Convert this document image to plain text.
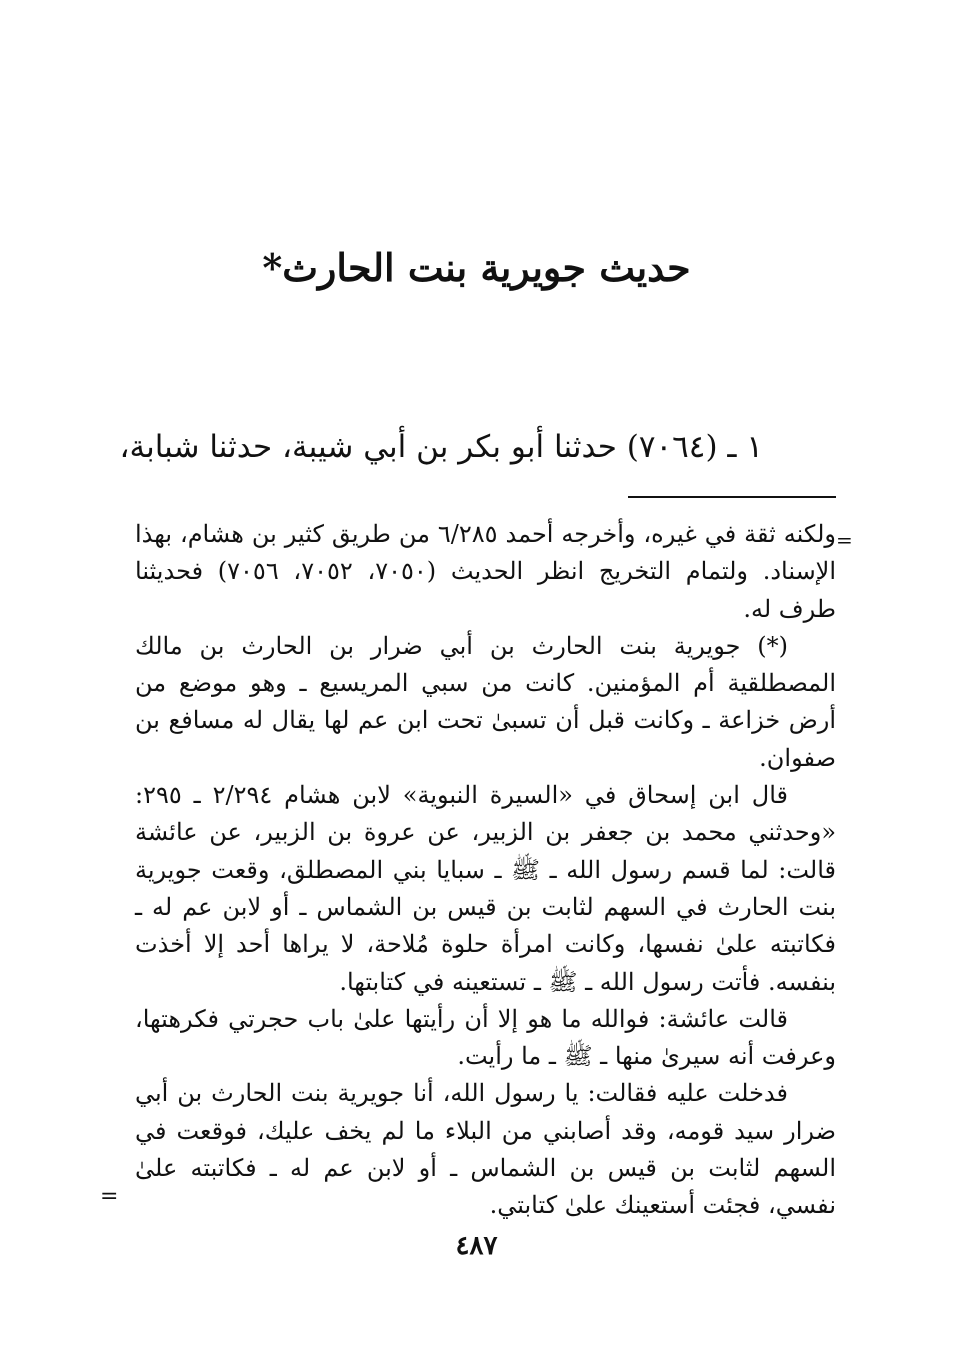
حديث جويرية بنت الحارث*
١ ـ (٧٠٦٤) حدثنا أبو بكر بن أبي شيبة، حدثنا شبابة،
=

ولكنه ثقة في غيره، وأخرجه أحمد ٦/٢٨٥ من طريق كثير بن هشام، بهذا الإسناد. ولتمام التخريج انظر الحديث (٧٠٥٠، ٧٠٥٢، ٧٠٥٦) فحديثنا طرف له.

(*) جويرية بنت الحارث بن أبي ضرار بن الحارث بن مالك المصطلقية أم المؤمنين. كانت من سبي المريسيع ـ وهو موضع من أرض خزاعة ـ وكانت قبل أن تسبىٰ تحت ابن عم لها يقال له مسافع بن صفوان.

قال ابن إسحاق في «السيرة النبوية» لابن هشام ٢/٢٩٤ ـ ٢٩٥: «وحدثني محمد بن جعفر بن الزبير، عن عروة بن الزبير، عن عائشة قالت: لما قسم رسول الله ـ ﷺ ـ سبايا بني المصطلق، وقعت جويرية بنت الحارث في السهم لثابت بن قيس بن الشماس ـ أو لابن عم له ـ فكاتبته علىٰ نفسها، وكانت امرأة حلوة مُلاحة، لا يراها أحد إلا أخذت بنفسه. فأتت رسول الله ـ ﷺ ـ تستعينه في كتابتها.

قالت عائشة: فوالله ما هو إلا أن رأيتها علىٰ باب حجرتي فكرهتها، وعرفت أنه سيرىٰ منها ـ ﷺ ـ ما رأيت.

فدخلت عليه فقالت: يا رسول الله، أنا جويرية بنت الحارث بن أبي ضرار سيد قومه، وقد أصابني من البلاء ما لم يخف عليك، فوقعت في السهم لثابت بن قيس بن الشماس ـ أو لابن عم له ـ فكاتبته علىٰ نفسي، فجئت أستعينك علىٰ كتابتي.

=
٤٨٧
